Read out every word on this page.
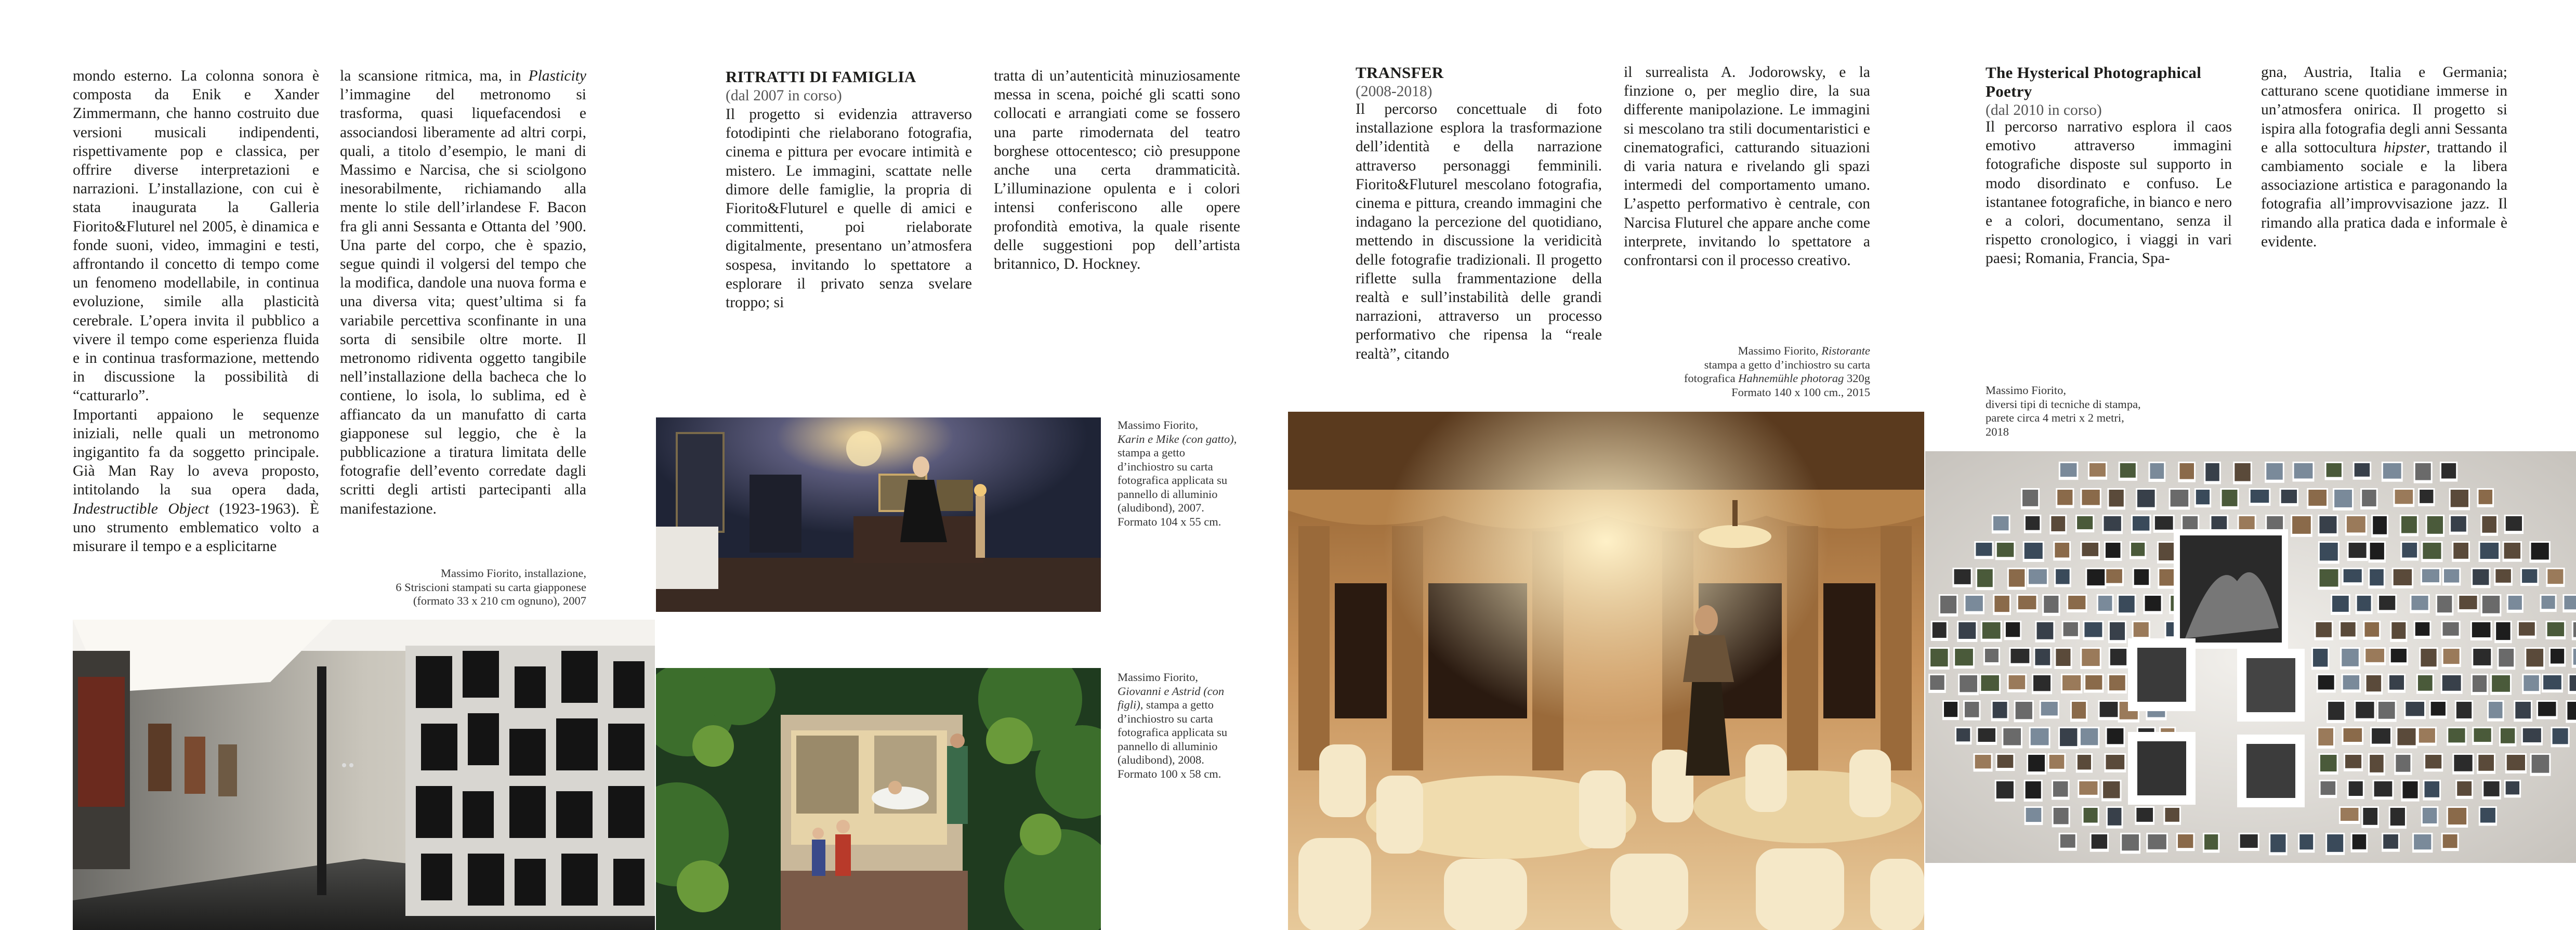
mondo esterno. La colonna sonora è composta da Enik e Xander Zimmermann, che hanno costruito due versioni musicali indipendenti, rispettivamente pop e classica, per offrire diverse interpretazioni e narrazioni. L’installazione, con cui è stata inaugurata la Galleria Fiorito&Fluturel nel 2005, è dinamica e fonde suoni, video, immagini e testi, affrontando il concetto di tempo come un fenomeno modellabile, in continua evoluzione, simile alla plasticità cerebrale. L’opera invita il pubblico a vivere il tempo come esperienza fluida e in continua trasformazione, mettendo in discussione la possibilità di “catturarlo”.

Importanti appaiono le sequenze iniziali, nelle quali un metronomo ingigantito fa da soggetto principale. Già Man Ray lo aveva proposto, intitolando la sua opera dada, Indestructible Object (1923-1963). È uno strumento emblematico volto a misurare il tempo e a esplicitarne

la scansione ritmica, ma, in Plasticity l’immagine del metronomo si trasforma, quasi liquefacendosi e associandosi liberamente ad altri corpi, quali, a titolo d’esempio, le mani di Massimo e Narcisa, che si sciolgono inesorabilmente, richiamando alla mente lo stile dell’irlandese F. Bacon fra gli anni Sessanta e Ottanta del ’900. Una parte del corpo, che è spazio, segue quindi il volgersi del tempo che la modifica, dandole una nuova forma e una diversa vita; quest’ultima si fa variabile percettiva sconfinante in una sorta di sensibile oltre morte. Il metronomo ridiventa oggetto tangibile nell’installazione della bacheca che lo contiene, lo isola, lo sublima, ed è affiancato da un manufatto di carta giapponese sul leggio, che è la pubblicazione a tiratura limitata delle fotografie dell’evento corredate dagli scritti degli artisti partecipanti alla manifestazione.

Massimo Fiorito, installazione,

6 Striscioni stampati su carta giapponese

(formato 33 x 210 cm ognuno), 2007

RITRATTI DI FAMIGLIA
(dal 2007 in corso)

Il progetto si evidenzia attraverso fotodipinti che rielaborano fotografia, cinema e pittura per evocare intimità e mistero. Le immagini, scattate nelle dimore delle famiglie, la propria di Fiorito&Fluturel e quelle di amici e committenti, poi rielaborate digitalmente, presentano un’atmosfera sospesa, invitando lo spettatore a esplorare il privato senza svelare troppo; si

tratta di un’autenticità minuziosamente messa in scena, poiché gli scatti sono collocati e arrangiati come se fossero una parte rimodernata del teatro borghese ottocentesco; ciò presuppone anche una certa drammaticità. L’illuminazione opulenta e i colori intensi conferiscono alle opere profondità emotiva, la quale risente delle suggestioni pop dell’artista britannico, D. Hockney.

Massimo Fiorito,
Karin e Mike (con gatto), stampa a getto d’inchiostro su carta fotografica applicata su pannello di alluminio (aludibond), 2007. Formato 104 x 55 cm.

Massimo Fiorito,
Giovanni e Astrid (con figli), stampa a getto d’inchiostro su carta fotografica applicata su pannello di alluminio (aludibond), 2008. Formato 100 x 58 cm.

TRANSFER
(2008-2018)

Il percorso concettuale di foto installazione esplora la trasformazione dell’identità e della narrazione attraverso personaggi femminili. Fiorito&Fluturel mescolano fotografia, cinema e pittura, creando immagini che indagano la percezione del quotidiano, mettendo in discussione la veridicità delle fotografie tradizionali. Il progetto riflette sulla frammentazione della realtà e sull’instabilità delle grandi narrazioni, attraverso un processo performativo che ripensa la “reale realtà”, citando

il surrealista A. Jodorowsky, e la finzione o, per meglio dire, la sua differente manipolazione. Le immagini si mescolano tra stili documentaristici e cinematografici, catturando situazioni di varia natura e rivelando gli spazi intermedi del comportamento umano. L’aspetto performativo è centrale, con Narcisa Fluturel che appare anche come interprete, invitando lo spettatore a confrontarsi con il processo creativo.

Massimo Fiorito, Ristorante

stampa a getto d’inchiostro su carta

fotografica Hahnemühle photorag 320g

Formato 140 x 100 cm., 2015

The Hysterical Photographical Poetry
(dal 2010 in corso)

Il percorso narrativo esplora il caos emotivo attraverso immagini fotografiche disposte sul supporto in modo disordinato e confuso. Le istantanee fotografiche, in bianco e nero e a colori, documentano, senza il rispetto cronologico, i viaggi in vari paesi; Romania, Francia, Spa-

gna, Austria, Italia e Germania; catturano scene quotidiane immerse in un’atmosfera onirica. Il progetto si ispira alla fotografia degli anni Sessanta e alla sottocultura hipster, trattando il cambiamento sociale e la libera associazione artistica e paragonando la fotografia all’improvvisazione jazz. Il rimando alla pratica dada e informale è evidente.

Massimo Fiorito,

diversi tipi di tecniche di stampa,

parete circa 4 metri x 2 metri,

2018
